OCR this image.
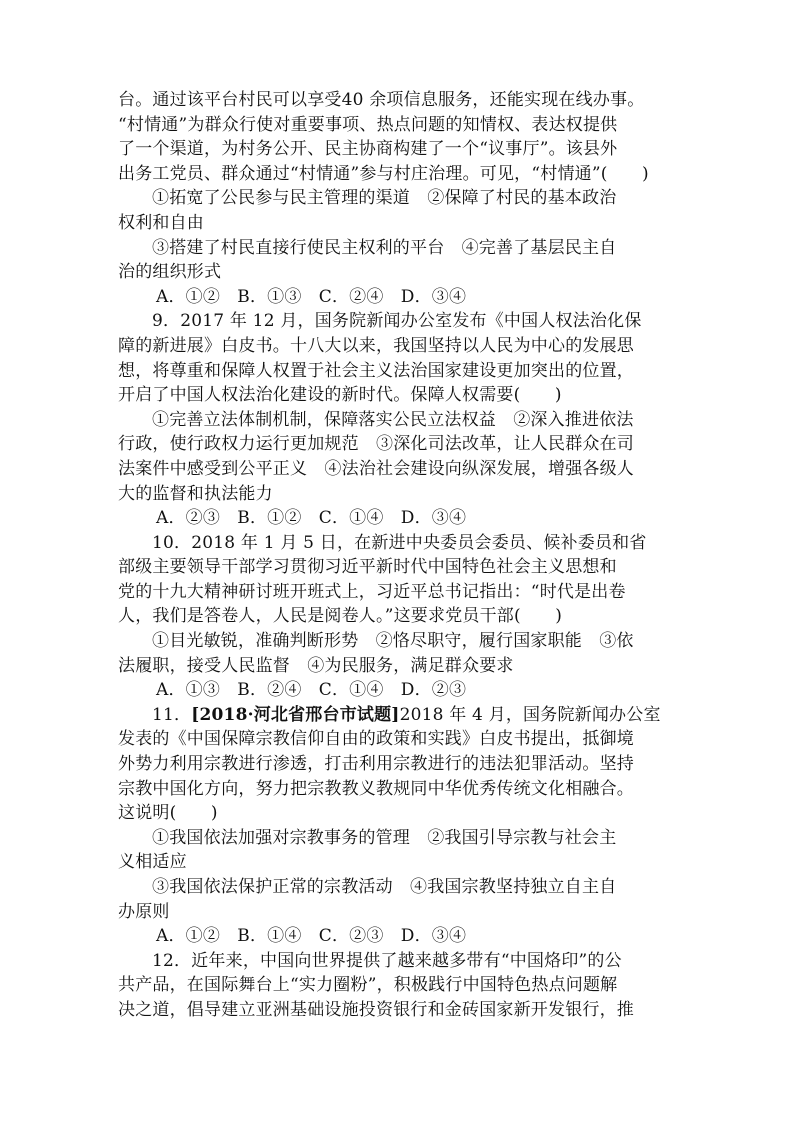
台。通过该平台村民可以享受40 余项信息服务，还能实现在线办事。
“村情通”为群众行使对重要事项、热点问题的知情权、表达权提供
了一个渠道，为村务公开、民主协商构建了一个“议事厅”。该县外
出务工党员、群众通过“村情通”参与村庄治理。可见，“村情通”(　　)
①拓宽了公民参与民主管理的渠道　②保障了村民的基本政治
权利和自由
③搭建了村民直接行使民主权利的平台　④完善了基层民主自
治的组织形式
A．①②　B．①③　C．②④　D．③④
9．2017 年 12 月，国务院新闻办公室发布《中国人权法治化保
障的新进展》白皮书。十八大以来，我国坚持以人民为中心的发展思
想，将尊重和保障人权置于社会主义法治国家建设更加突出的位置，
开启了中国人权法治化建设的新时代。保障人权需要(　　)
①完善立法体制机制，保障落实公民立法权益　②深入推进依法
行政，使行政权力运行更加规范　③深化司法改革，让人民群众在司
法案件中感受到公平正义　④法治社会建设向纵深发展，增强各级人
大的监督和执法能力
A．②③　B．①②　C．①④　D．③④
10．2018 年 1 月 5 日，在新进中央委员会委员、候补委员和省
部级主要领导干部学习贯彻习近平新时代中国特色社会主义思想和
党的十九大精神研讨班开班式上，习近平总书记指出：“时代是出卷
人，我们是答卷人，人民是阅卷人。”这要求党员干部(　　)
①目光敏锐，准确判断形势　②恪尽职守，履行国家职能　③依
法履职，接受人民监督　④为民服务，满足群众要求
A．①③　B．②④　C．①④　D．②③
11．[2018·河北省邢台市试题]2018 年 4 月，国务院新闻办公室
发表的《中国保障宗教信仰自由的政策和实践》白皮书提出，抵御境
外势力利用宗教进行渗透，打击利用宗教进行的违法犯罪活动。坚持
宗教中国化方向，努力把宗教教义教规同中华优秀传统文化相融合。
这说明(　　)
①我国依法加强对宗教事务的管理　②我国引导宗教与社会主
义相适应
③我国依法保护正常的宗教活动　④我国宗教坚持独立自主自
办原则
A．①②　B．①④　C．②③　D．③④
12．近年来，中国向世界提供了越来越多带有“中国烙印”的公
共产品，在国际舞台上“实力圈粉”，积极践行中国特色热点问题解
决之道，倡导建立亚洲基础设施投资银行和金砖国家新开发银行，推
